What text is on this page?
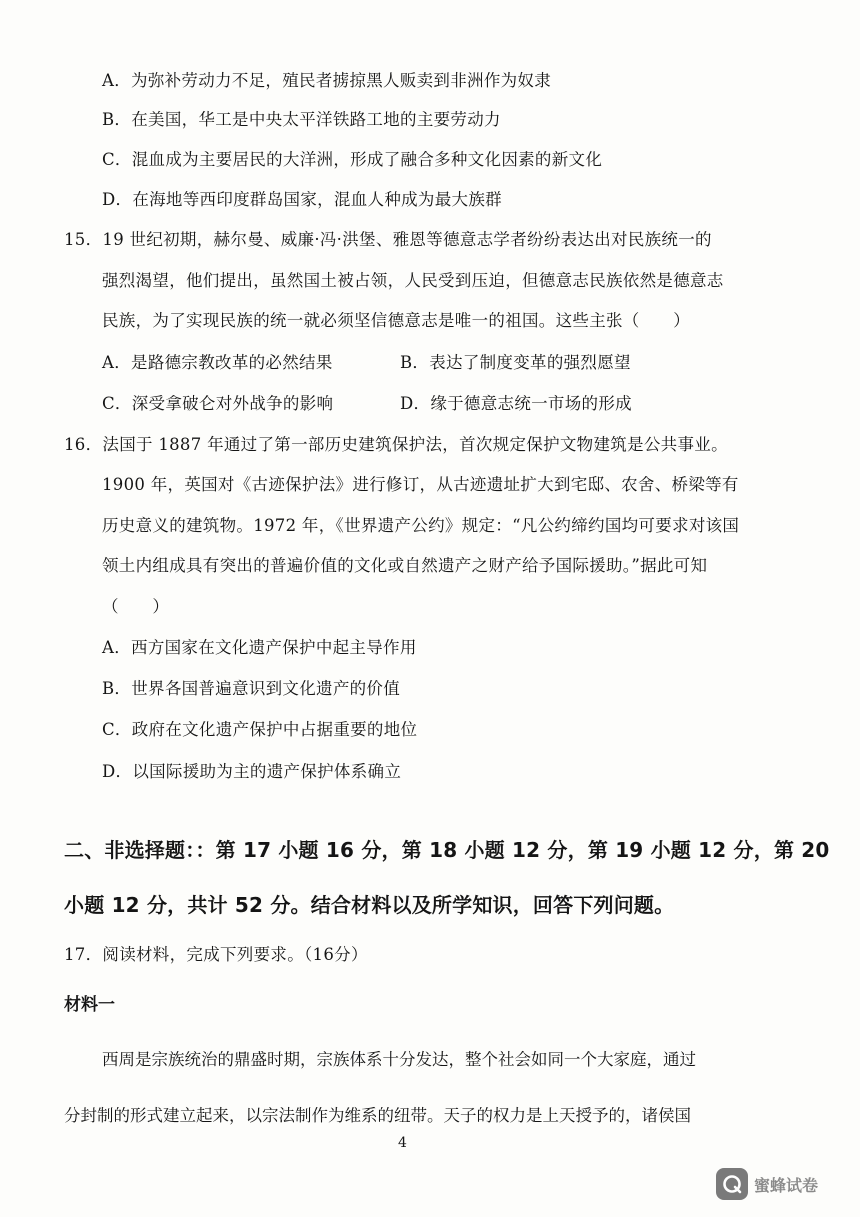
A．为弥补劳动力不足，殖民者掳掠黑人贩卖到非洲作为奴隶
B．在美国，华工是中央太平洋铁路工地的主要劳动力
C．混血成为主要居民的大洋洲，形成了融合多种文化因素的新文化
D．在海地等西印度群岛国家，混血人种成为最大族群
15．19 世纪初期，赫尔曼、威廉·冯·洪堡、雅恩等德意志学者纷纷表达出对民族统一的
强烈渴望，他们提出，虽然国土被占领，人民受到压迫，但德意志民族依然是德意志
民族，为了实现民族的统一就必须坚信德意志是唯一的祖国。这些主张（　　）
A．是路德宗教改革的必然结果	B．表达了制度变革的强烈愿望
C．深受拿破仑对外战争的影响	D．缘于德意志统一市场的形成
16．法国于 1887 年通过了第一部历史建筑保护法，首次规定保护文物建筑是公共事业。
1900 年，英国对《古迹保护法》进行修订，从古迹遗址扩大到宅邸、农舍、桥梁等有
历史意义的建筑物。1972 年，《世界遗产公约》规定：“凡公约缔约国均可要求对该国
领土内组成具有突出的普遍价值的文化或自然遗产之财产给予国际援助。”据此可知
（　　）
A．西方国家在文化遗产保护中起主导作用
B．世界各国普遍意识到文化遗产的价值
C．政府在文化遗产保护中占据重要的地位
D．以国际援助为主的遗产保护体系确立
二、非选择题：：第 17 小题 16 分，第 18 小题 12 分，第 19 小题 12 分，第 20
小题 12 分，共计 52 分。结合材料以及所学知识，回答下列问题。
17．阅读材料，完成下列要求。（16分）
材料一
西周是宗族统治的鼎盛时期，宗族体系十分发达，整个社会如同一个大家庭，通过
分封制的形式建立起来，以宗法制作为维系的纽带。天子的权力是上天授予的，诸侯国
4
蜜蜂试卷
